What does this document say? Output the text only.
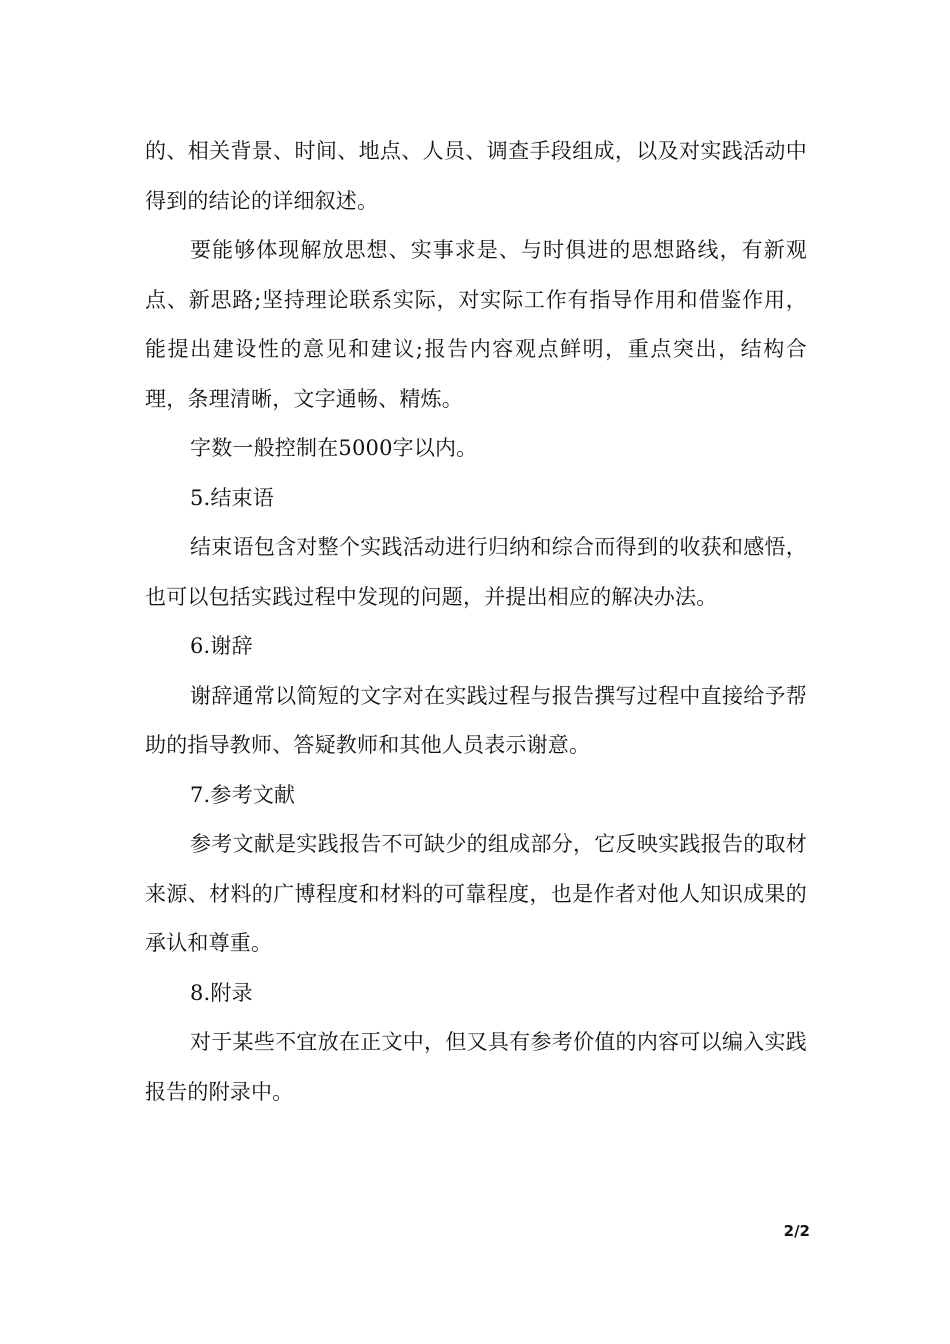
的、相关背景、时间、地点、人员、调查手段组成，以及对实践活动中得到的结论的详细叙述。

要能够体现解放思想、实事求是、与时俱进的思想路线，有新观点、新思路;坚持理论联系实际，对实际工作有指导作用和借鉴作用，能提出建设性的意见和建议;报告内容观点鲜明，重点突出，结构合理，条理清晰，文字通畅、精炼。

字数一般控制在5000字以内。

5.结束语

结束语包含对整个实践活动进行归纳和综合而得到的收获和感悟，也可以包括实践过程中发现的问题，并提出相应的解决办法。

6.谢辞

谢辞通常以简短的文字对在实践过程与报告撰写过程中直接给予帮助的指导教师、答疑教师和其他人员表示谢意。

7.参考文献

参考文献是实践报告不可缺少的组成部分，它反映实践报告的取材来源、材料的广博程度和材料的可靠程度，也是作者对他人知识成果的承认和尊重。

8.附录

对于某些不宜放在正文中，但又具有参考价值的内容可以编入实践报告的附录中。

2/2
